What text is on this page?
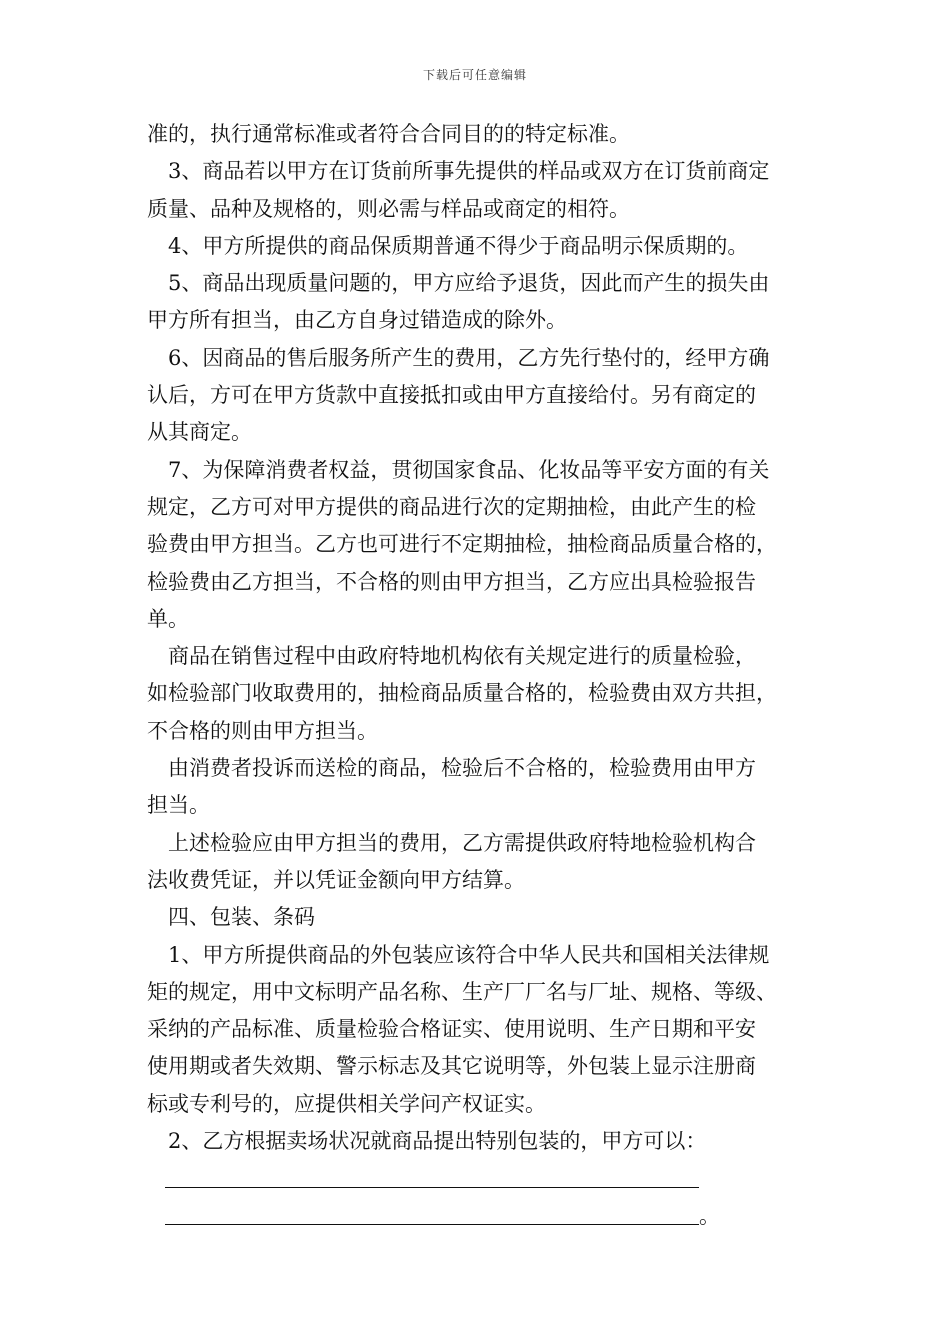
下载后可任意编辑
准的，执行通常标准或者符合合同目的的特定标准。
3、商品若以甲方在订货前所事先提供的样品或双方在订货前商定
质量、品种及规格的，则必需与样品或商定的相符。
4、甲方所提供的商品保质期普通不得少于商品明示保质期的。
5、商品出现质量问题的，甲方应给予退货，因此而产生的损失由
甲方所有担当，由乙方自身过错造成的除外。
6、因商品的售后服务所产生的费用，乙方先行垫付的，经甲方确
认后，方可在甲方货款中直接抵扣或由甲方直接给付。另有商定的
从其商定。
7、为保障消费者权益，贯彻国家食品、化妆品等平安方面的有关
规定，乙方可对甲方提供的商品进行次的定期抽检，由此产生的检
验费由甲方担当。乙方也可进行不定期抽检，抽检商品质量合格的，
检验费由乙方担当，不合格的则由甲方担当，乙方应出具检验报告
单。
商品在销售过程中由政府特地机构依有关规定进行的质量检验，
如检验部门收取费用的，抽检商品质量合格的，检验费由双方共担，
不合格的则由甲方担当。
由消费者投诉而送检的商品，检验后不合格的，检验费用由甲方
担当。
上述检验应由甲方担当的费用，乙方需提供政府特地检验机构合
法收费凭证，并以凭证金额向甲方结算。
四、包装、条码
1、甲方所提供商品的外包装应该符合中华人民共和国相关法律规
矩的规定，用中文标明产品名称、生产厂厂名与厂址、规格、等级、
采纳的产品标准、质量检验合格证实、使用说明、生产日期和平安
使用期或者失效期、警示标志及其它说明等，外包装上显示注册商
标或专利号的，应提供相关学问产权证实。
2、乙方根据卖场状况就商品提出特别包装的，甲方可以：
。
